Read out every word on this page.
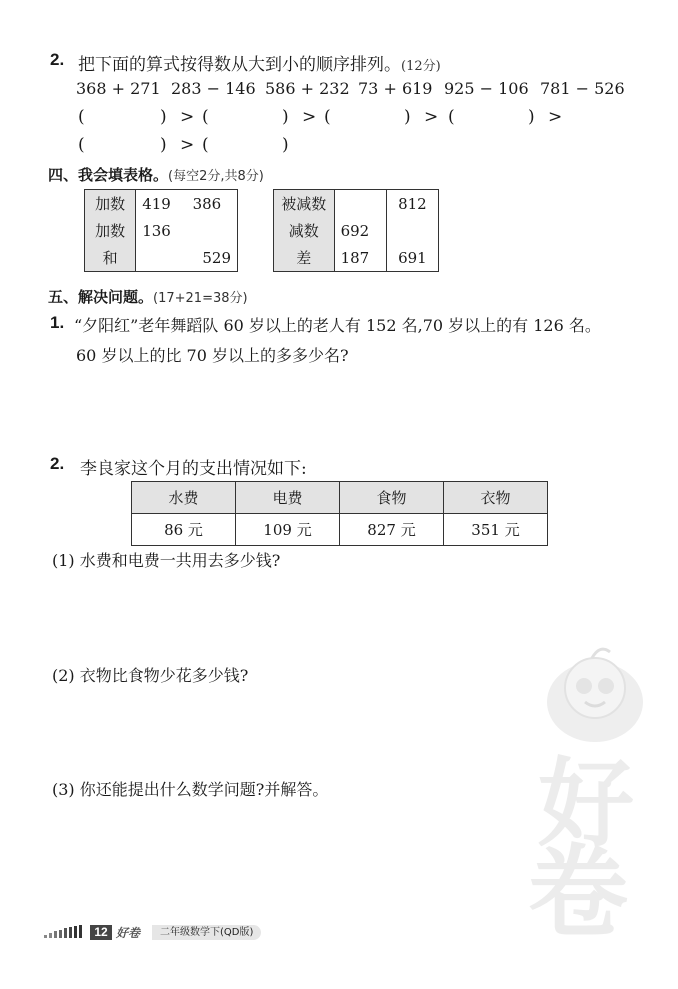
好
卷
2. 把下面的算式按得数从大到小的顺序排列。(12分)
368 + 271 283 − 146 586 + 232 73 + 619 925 − 106 781 − 526
(	) > (	) > (	) > (	) >
(	) > (	)
四、我会填表格。(每空2分,共8分)
加数	419	386
加数	136	
和		529
被减数		812
减数	692	
差	187	691
五、解决问题。(17+21=38分)
1. “夕阳红”老年舞蹈队 60 岁以上的老人有 152 名,70 岁以上的有 126 名。
60 岁以上的比 70 岁以上的多多少名?
2. 李良家这个月的支出情况如下:
水费	电费	食物	衣物
86 元	109 元	827 元	351 元
(1) 水费和电费一共用去多少钱?
(2) 衣物比食物少花多少钱?
(3) 你还能提出什么数学问题?并解答。
12 好卷	二年级数学下(QD版)
